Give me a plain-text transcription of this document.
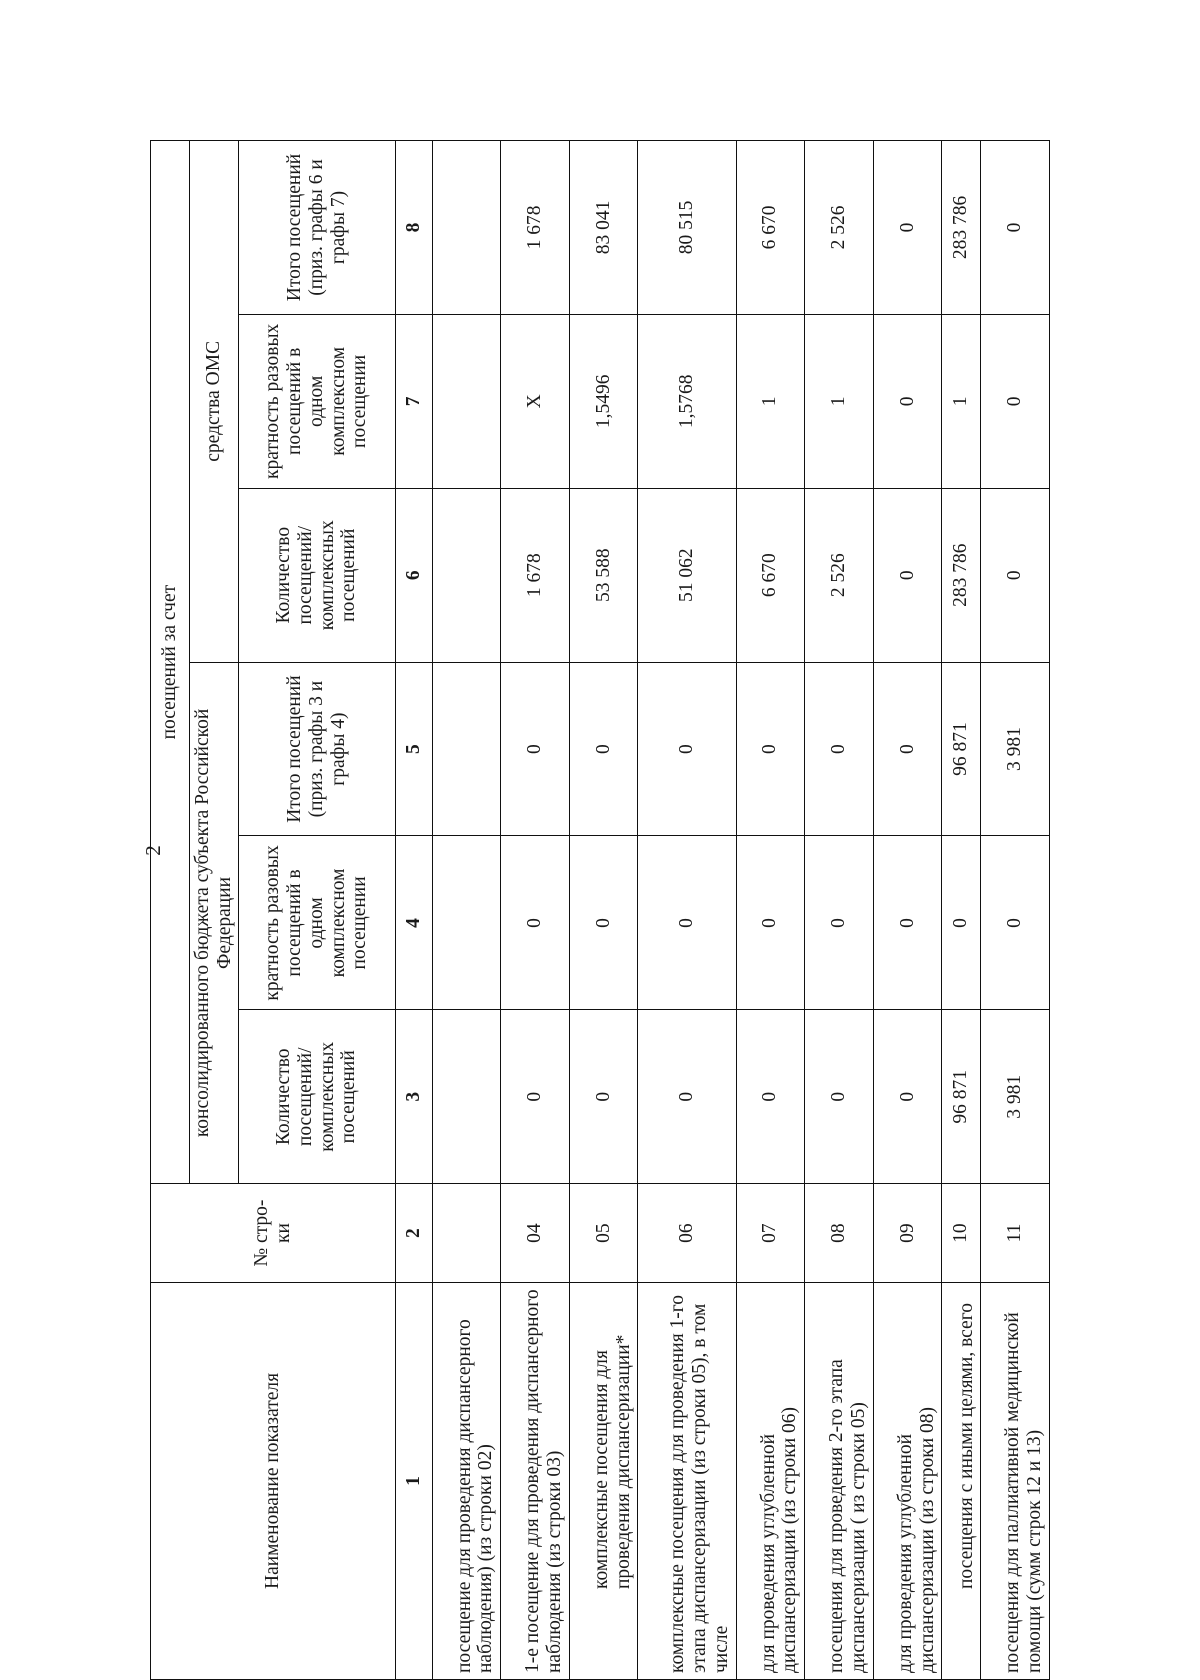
2
Наименование показателя	№ стро-ки	посещений за счет					
		консолидированного бюджета субъекта Российской Федерации			средства ОМС		
		Количество посещений/ комплексных посещений	кратность разовых посещений в одном комплексном посещении	Итого посещений (приз. графы 3 и графы 4)	Количество посещений/ комплексных посещений	кратность разовых посещений в одном комплексном посещении	Итого посещений (приз. графы 6 и графы 7)
1	2	3	4	5	6	7	8
посещение для проведения диспансерного наблюдения) (из строки 02)							
1-е посещение для проведения диспансерного наблюдения (из строки 03)	04	0	0	0	1 678	X	1 678

комплексные посещения для проведения диспансеризации*	05	0	0	0	53 588	1,5496	83 041
комплексные посещения для проведения 1-го этапа диспансеризации (из строки 05), в том числе	06	0	0	0	51 062	1,5768	80 515
для проведения углубленной диспансеризации (из строки 06)	07	0	0	0	6 670	1	6 670
посещения для проведения 2-го этапа диспансеризации ( из строки 05)	08	0	0	0	2 526	1	2 526
для проведения углубленной диспансеризации (из строки 08)	09	0	0	0	0	0	0

посещения с иными целями, всего	10	96 871	0	96 871	283 786	1	283 786
посещения для паллиативной медицинской помощи (сумм строк 12 и 13)	11	3 981	0	3 981	0	0	0
